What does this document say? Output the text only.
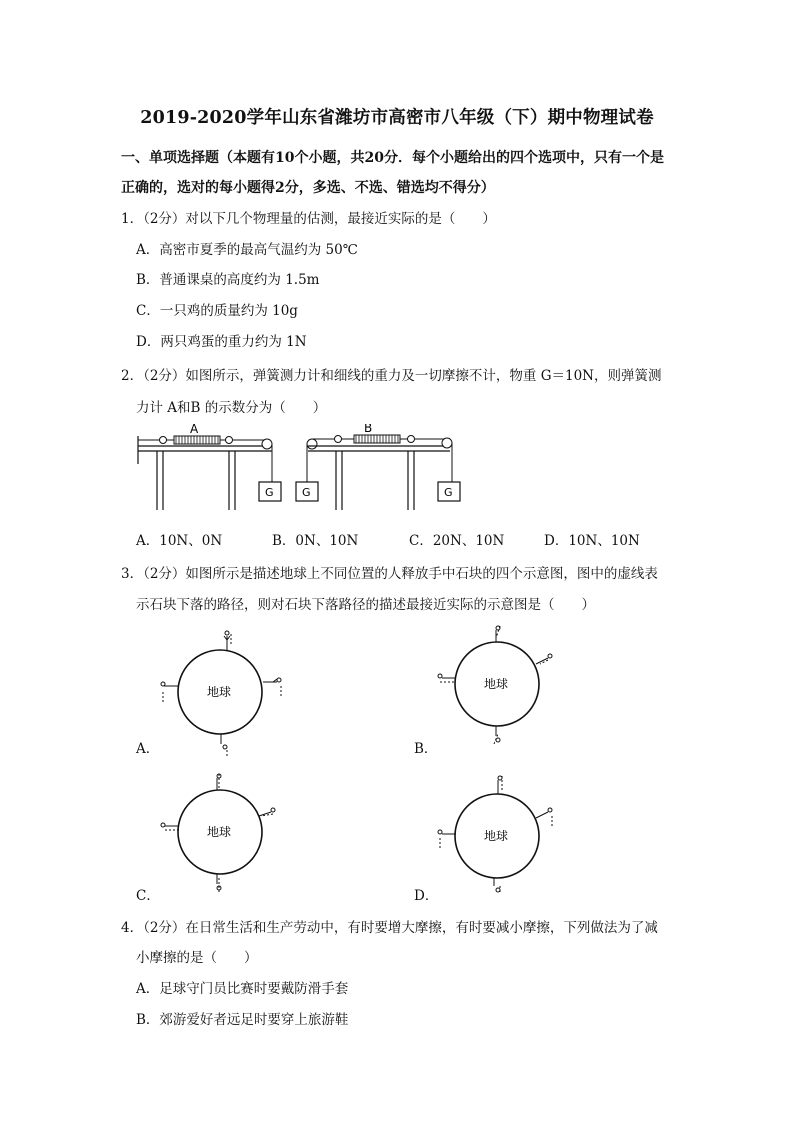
2019-2020学年山东省潍坊市高密市八年级（下）期中物理试卷
一、单项选择题（本题有10个小题，共20分．每个小题给出的四个选项中，只有一个是
正确的，选对的每小题得2分，多选、不选、错选均不得分）
1．（2分）对以下几个物理量的估测，最接近实际的是（　　）
A．高密市夏季的最高气温约为 50℃
B．普通课桌的高度约为 1.5m
C．一只鸡的质量约为 10g
D．两只鸡蛋的重力约为 1N
2．（2分）如图所示，弹簧测力计和细线的重力及一切摩擦不计，物重 G＝10N，则弹簧测
力计 A和B 的示数分为（　　）
A
G	G
B
G
A．10N、0N	B．0N、10N	C．20N、10N	D．10N、10N
3．（2分）如图所示是描述地球上不同位置的人释放手中石块的四个示意图，图中的虚线表
示石块下落的路径，则对石块下落路径的描述最接近实际的示意图是（　　）
地球
A．
地球
B．
地球
C．
地球
D．
4．（2分）在日常生活和生产劳动中，有时要增大摩擦，有时要减小摩擦，下列做法为了减
小摩擦的是（　　）
A．足球守门员比赛时要戴防滑手套
B．郊游爱好者远足时要穿上旅游鞋
